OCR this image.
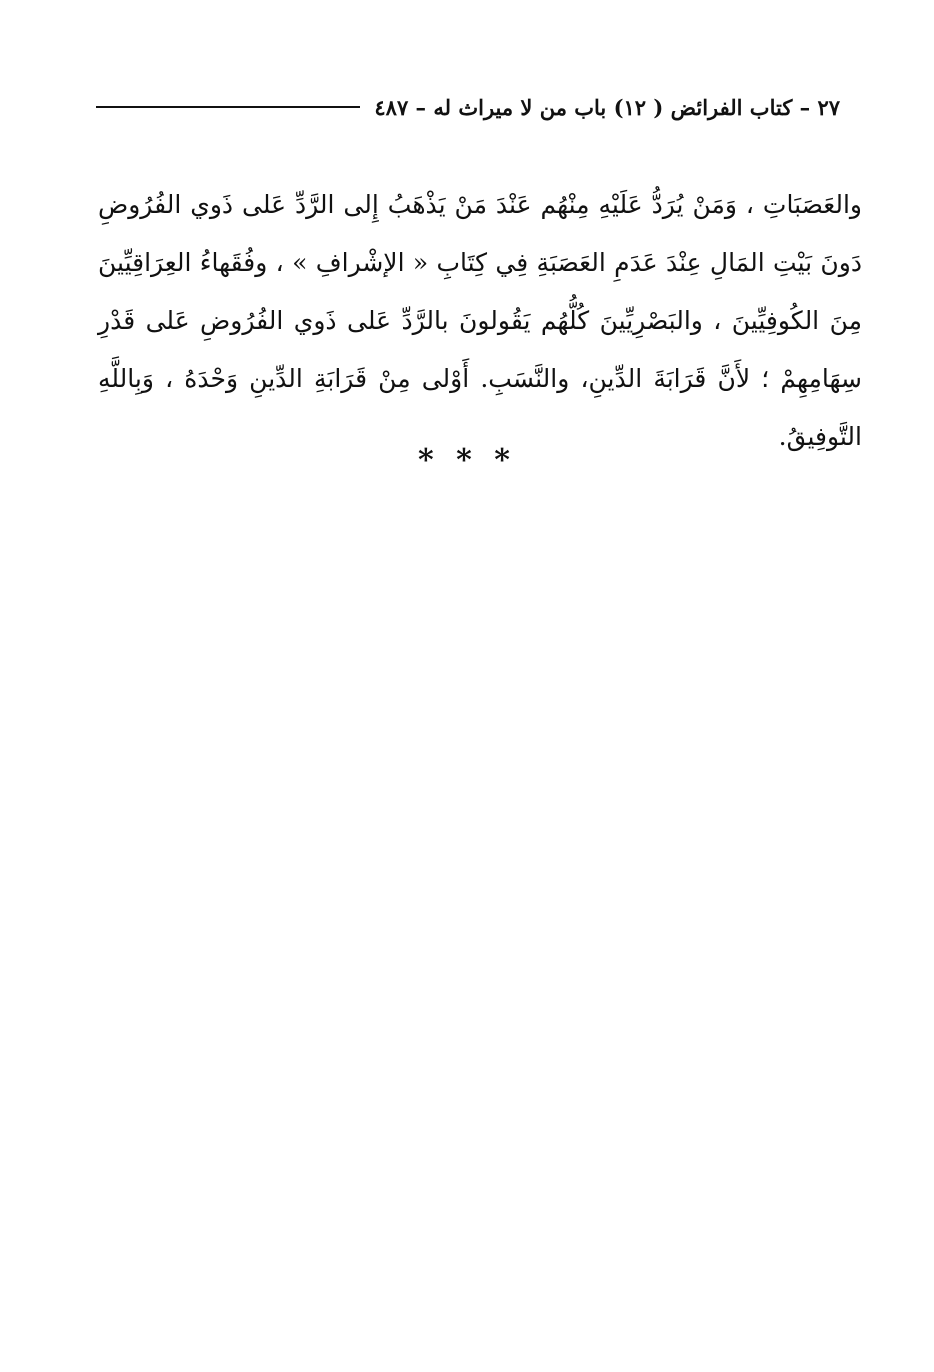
٢٧ – كتاب الفرائض ( ١٢) باب من لا ميراث له – ٤٨٧

والعَصَبَاتِ ، وَمَنْ يُرَدُّ عَلَيْهِ مِنْهُم عَنْدَ مَنْ يَذْهَبُ إِلى الرَّدِّ عَلى ذَوي الفُرُوضِ دَونَ بَيْتِ المَالِ عِنْدَ عَدَمِ العَصَبَةِ فِي كِتَابِ « الإشْرافِ » ، وفُقَهاءُ العِرَاقِيِّينَ مِنَ الكُوفِيِّينَ ، والبَصْرِيِّينَ كُلُّهُم يَقُولونَ بالرَّدِّ عَلى ذَوي الفُرُوضِ عَلى قَدْرِ سِهَامِهِمْ ؛ لأَنَّ قَرَابَةَ الدِّينِ، والنَّسَبِ. أَوْلى مِنْ قَرَابَةِ الدِّينِ وَحْدَهُ ، وَبِاللَّهِ التَّوفِيقُ.

* * *
